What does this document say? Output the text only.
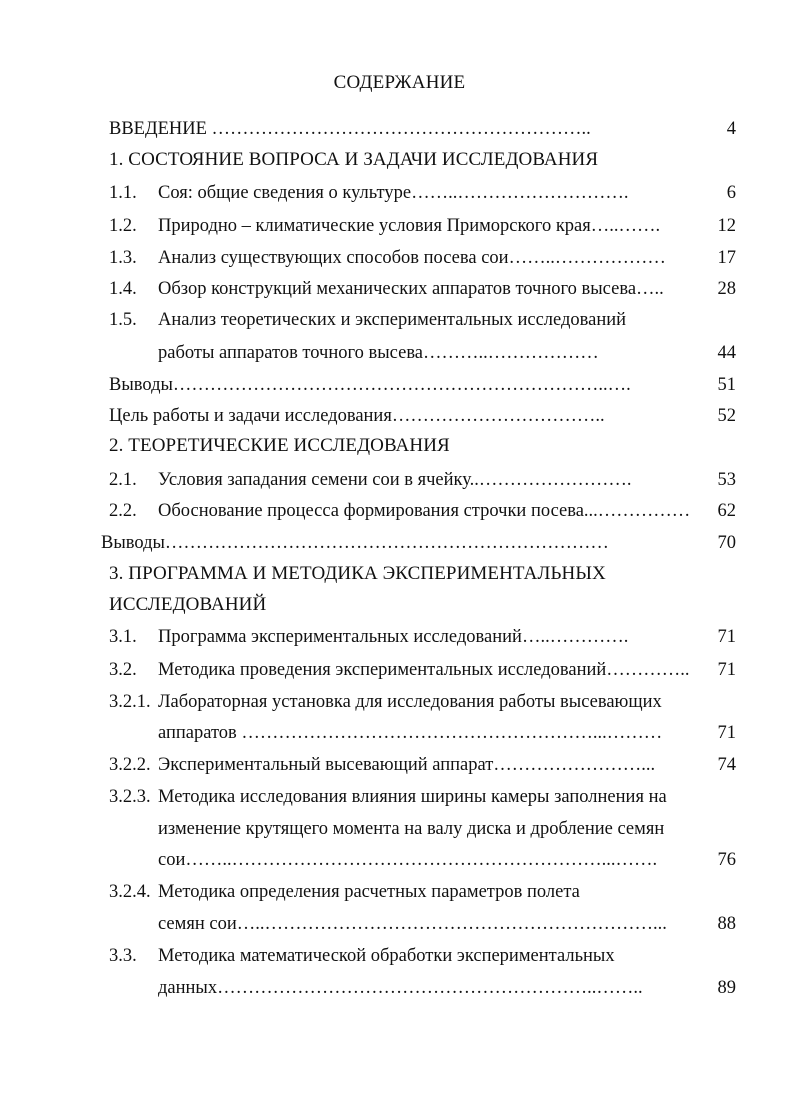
СОДЕРЖАНИЕ
ВВЕДЕНИЕ ……………………………………………………..	4
1. СОСТОЯНИЕ ВОПРОСА И ЗАДАЧИ ИССЛЕДОВАНИЯ
1.1. Соя: общие сведения о культуре……..……………………….	6
1.2. Природно – климатические условия Приморского края…..…….	12
1.3. Анализ существующих способов посева сои……..………………	17
1.4. Обзор конструкций механических аппаратов точного высева…..	28
1.5. Анализ теоретических и экспериментальных исследований
работы аппаратов точного высева………..………………	44
Выводы……………………………………………………………..….	51
Цель работы и задачи исследования……………………………..	52
2. ТЕОРЕТИЧЕСКИЕ ИССЛЕДОВАНИЯ
2.1. Условия западания семени сои в ячейку..…………………….	53
2.2. Обоснование процесса формирования строчки посева...……………	62
Выводы………………………………………………………………	70
3. ПРОГРАММА И МЕТОДИКА ЭКСПЕРИМЕНТАЛЬНЫХ
ИССЛЕДОВАНИЙ
3.1. Программа экспериментальных исследований…..………….	71
3.2. Методика проведения экспериментальных исследований…………..	71
3.2.1. Лабораторная установка для исследования работы высевающих
аппаратов …………………………………………………...………	71
3.2.2. Экспериментальный высевающий аппарат……………………...	74
3.2.3. Методика исследования влияния ширины камеры заполнения на
изменение крутящего момента на валу диска и дробление семян
сои……..……………………………………………………...…….	76
3.2.4. Методика определения расчетных параметров полета
семян сои…..………………………………………………………...	88
3.3. Методика математической обработки экспериментальных
данных……………………………………………………..……..	89
